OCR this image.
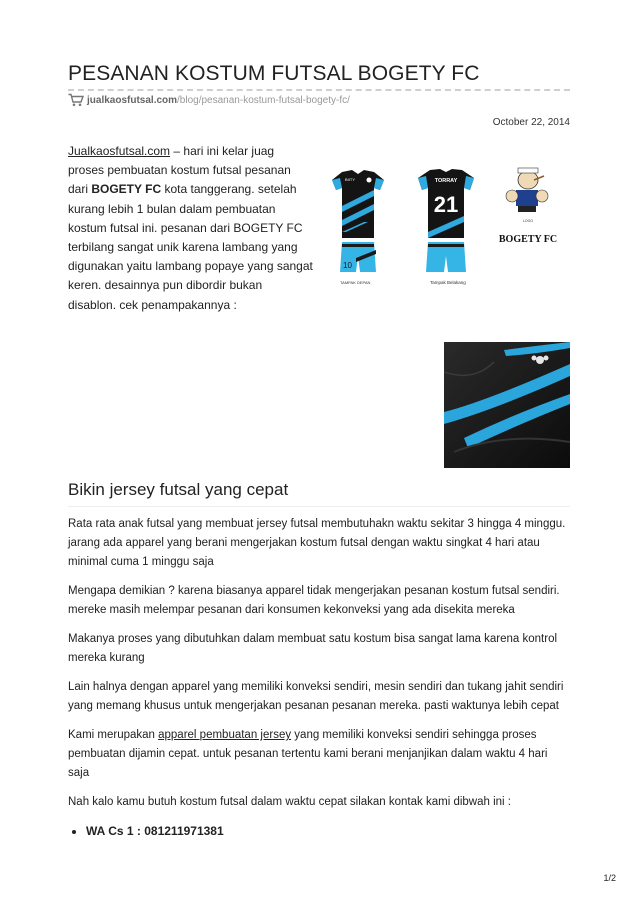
PESANAN KOSTUM FUTSAL BOGETY FC
jualkaosfutsal.com /blog/pesanan-kostum-futsal-bogety-fc/
October 22, 2014
Jualkaosfutsal.com – hari ini kelar juag proses pembuatan kostum futsal pesanan dari BOGETY FC kota tanggerang. setelah kurang lebih 1 bulan dalam pembuatan kostum futsal ini. pesanan dari BOGETY FC terbilang sangat unik karena lambang yang digunakan yaitu lambang popaye yang sangat keren. desainnya pun dibordir bukan disablon. cek penampakannya :
BIITY
10
TAMPAK DEPAN
TORRAY
21
Tampak Belakang
LOGO
BOGETY FC
Bikin jersey futsal yang cepat

Rata rata anak futsal yang membuat jersey futsal membutuhakn waktu sekitar 3 hingga 4 minggu. jarang ada apparel yang berani mengerjakan kostum futsal dengan waktu singkat 4 hari atau minimal cuma 1 minggu saja

Mengapa demikian ? karena biasanya apparel tidak mengerjakan pesanan kostum futsal sendiri. mereke masih melempar pesanan dari konsumen kekonveksi yang ada disekita mereka

Makanya proses yang dibutuhkan dalam membuat satu kostum bisa sangat lama karena kontrol mereka kurang

Lain halnya dengan apparel yang memiliki konveksi sendiri, mesin sendiri dan tukang jahit sendiri yang memang khusus untuk mengerjakan pesanan pesanan mereka. pasti waktunya lebih cepat

Kami merupakan apparel pembuatan jersey yang memiliki konveksi sendiri sehingga proses pembuatan dijamin cepat. untuk pesanan tertentu kami berani menjanjikan dalam waktu 4 hari saja

Nah kalo kamu butuh kostum futsal dalam waktu cepat silakan kontak kami dibwah ini :

• WA Cs 1 : 081211971381
1/2
